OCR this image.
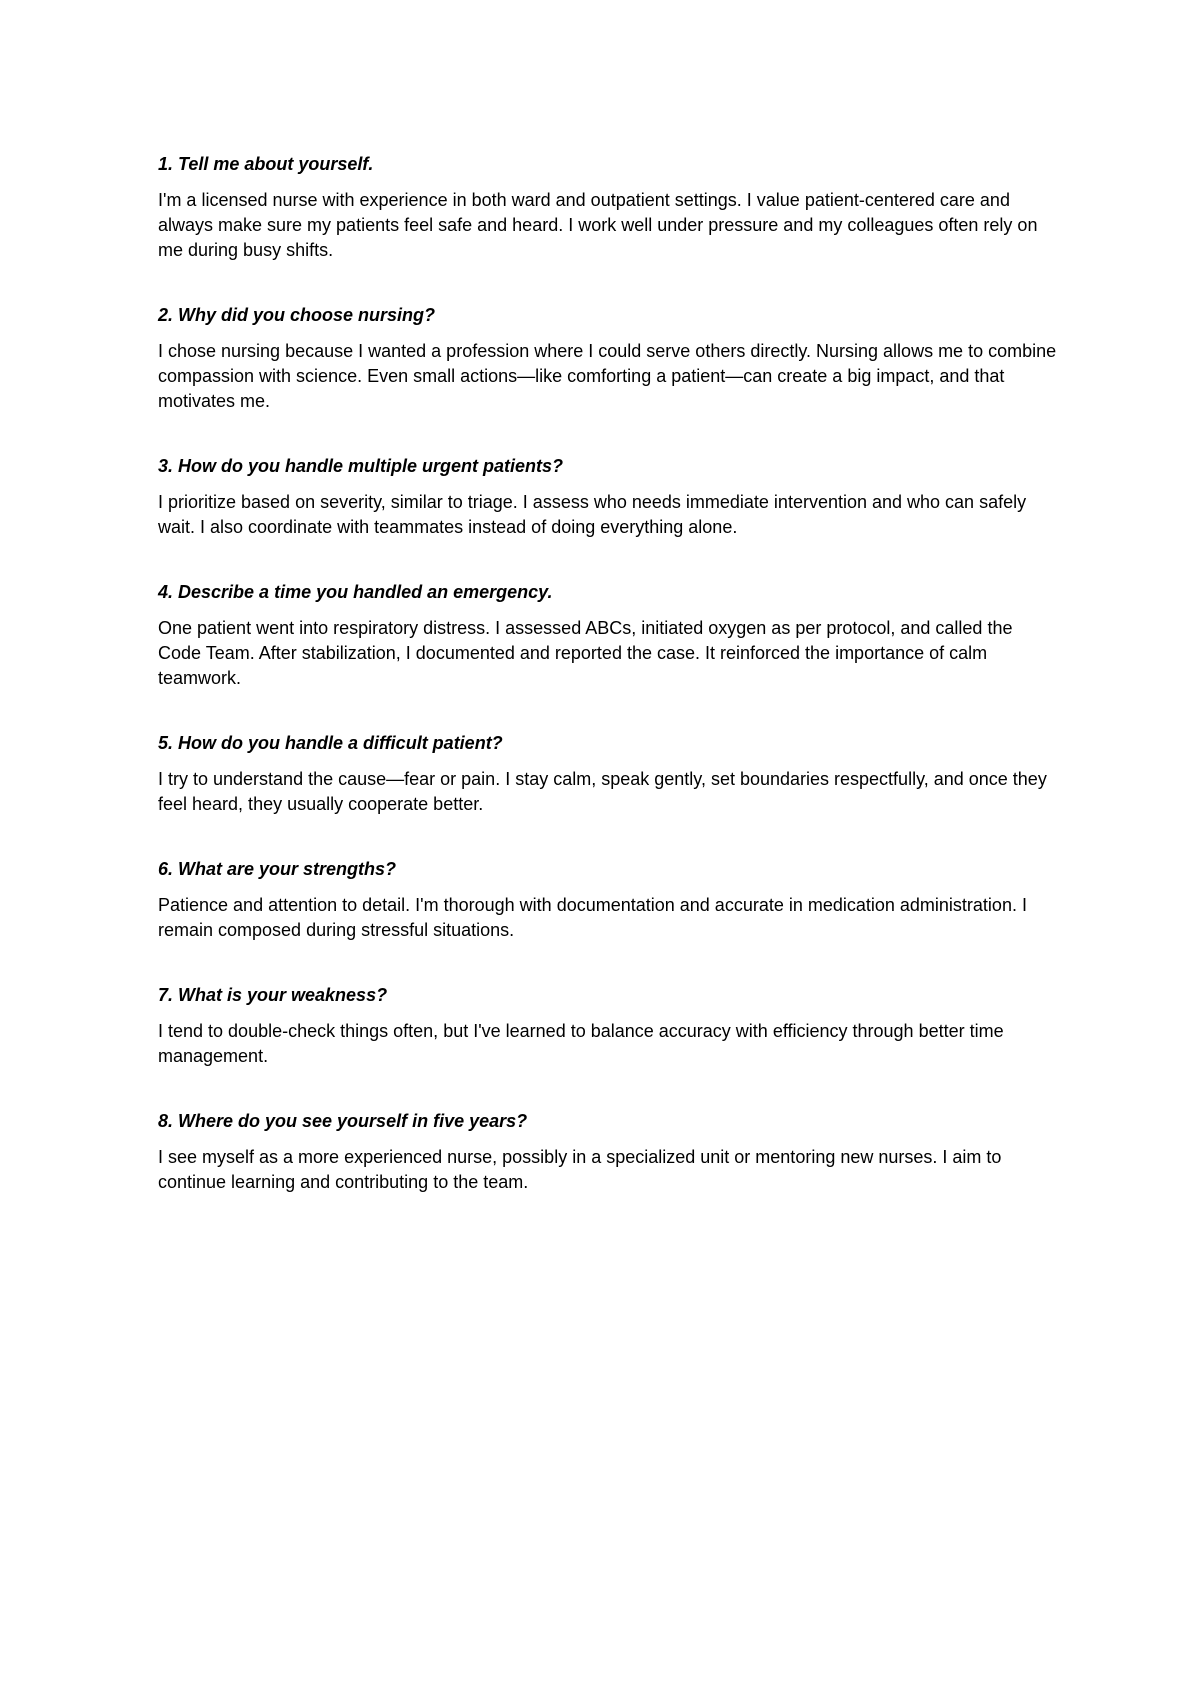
1. Tell me about yourself.

I'm a licensed nurse with experience in both ward and outpatient settings. I value patient-centered care and always make sure my patients feel safe and heard. I work well under pressure and my colleagues often rely on me during busy shifts.

2. Why did you choose nursing?

I chose nursing because I wanted a profession where I could serve others directly. Nursing allows me to combine compassion with science. Even small actions—like comforting a patient—can create a big impact, and that motivates me.

3. How do you handle multiple urgent patients?

I prioritize based on severity, similar to triage. I assess who needs immediate intervention and who can safely wait. I also coordinate with teammates instead of doing everything alone.

4. Describe a time you handled an emergency.

One patient went into respiratory distress. I assessed ABCs, initiated oxygen as per protocol, and called the Code Team. After stabilization, I documented and reported the case. It reinforced the importance of calm teamwork.

5. How do you handle a difficult patient?

I try to understand the cause—fear or pain. I stay calm, speak gently, set boundaries respectfully, and once they feel heard, they usually cooperate better.

6. What are your strengths?

Patience and attention to detail. I'm thorough with documentation and accurate in medication administration. I remain composed during stressful situations.

7. What is your weakness?

I tend to double-check things often, but I've learned to balance accuracy with efficiency through better time management.

8. Where do you see yourself in five years?

I see myself as a more experienced nurse, possibly in a specialized unit or mentoring new nurses. I aim to continue learning and contributing to the team.
